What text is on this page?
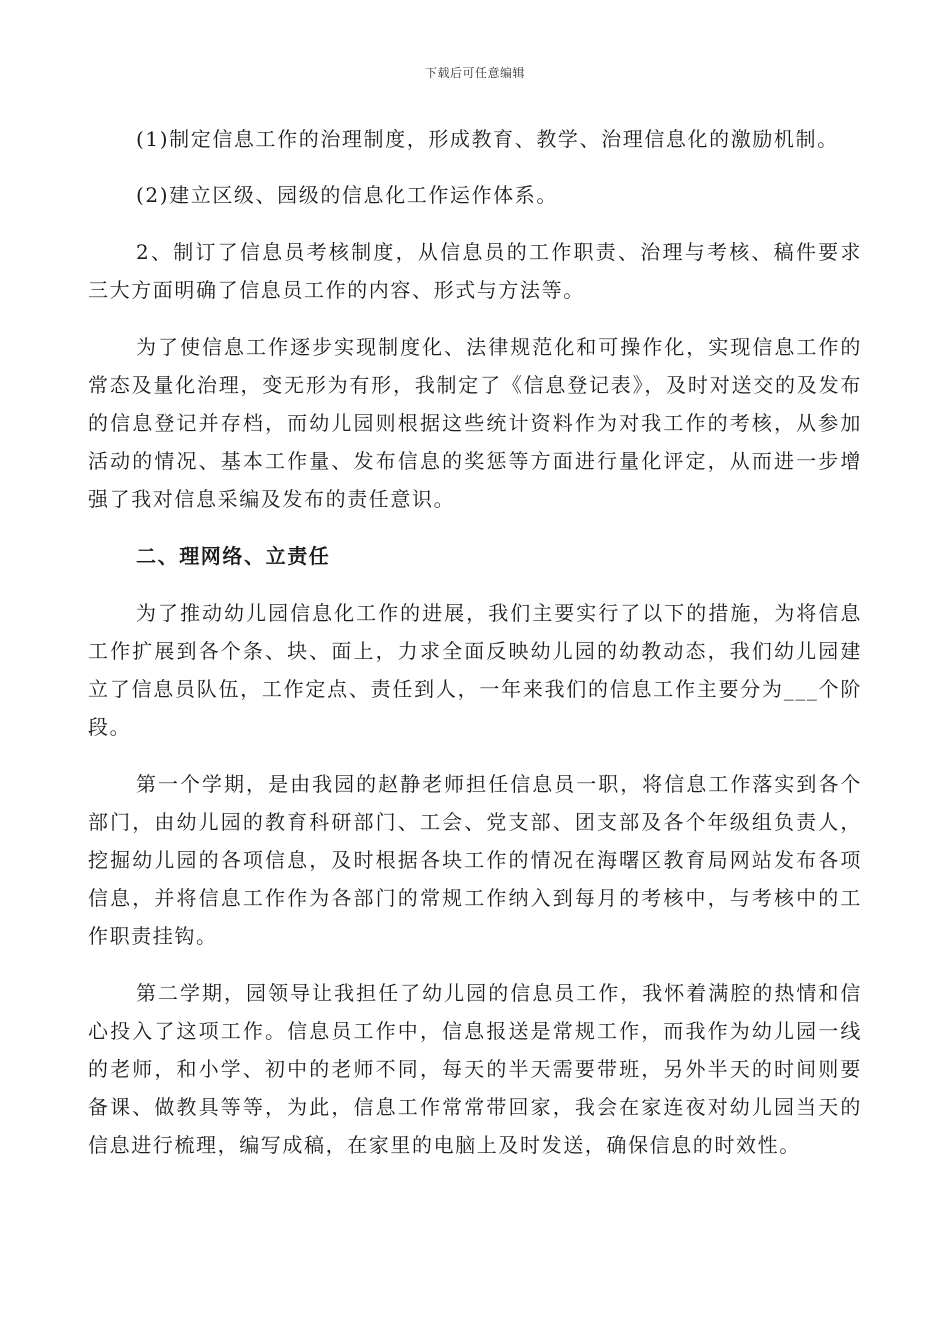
下载后可任意编辑

(1)制定信息工作的治理制度，形成教育、教学、治理信息化的激励机制。

(2)建立区级、园级的信息化工作运作体系。

2、制订了信息员考核制度，从信息员的工作职责、治理与考核、稿件要求三大方面明确了信息员工作的内容、形式与方法等。

为了使信息工作逐步实现制度化、法律规范化和可操作化，实现信息工作的常态及量化治理，变无形为有形，我制定了《信息登记表》，及时对送交的及发布的信息登记并存档，而幼儿园则根据这些统计资料作为对我工作的考核，从参加活动的情况、基本工作量、发布信息的奖惩等方面进行量化评定，从而进一步增强了我对信息采编及发布的责任意识。

二、理网络、立责任

为了推动幼儿园信息化工作的进展，我们主要实行了以下的措施，为将信息工作扩展到各个条、块、面上，力求全面反映幼儿园的幼教动态，我们幼儿园建立了信息员队伍，工作定点、责任到人，一年来我们的信息工作主要分为___个阶段。

第一个学期，是由我园的赵静老师担任信息员一职，将信息工作落实到各个部门，由幼儿园的教育科研部门、工会、党支部、团支部及各个年级组负责人，挖掘幼儿园的各项信息，及时根据各块工作的情况在海曙区教育局网站发布各项信息，并将信息工作作为各部门的常规工作纳入到每月的考核中，与考核中的工作职责挂钩。

第二学期，园领导让我担任了幼儿园的信息员工作，我怀着满腔的热情和信心投入了这项工作。信息员工作中，信息报送是常规工作，而我作为幼儿园一线的老师，和小学、初中的老师不同，每天的半天需要带班，另外半天的时间则要备课、做教具等等，为此，信息工作常常带回家，我会在家连夜对幼儿园当天的信息进行梳理，编写成稿，在家里的电脑上及时发送，确保信息的时效性。
